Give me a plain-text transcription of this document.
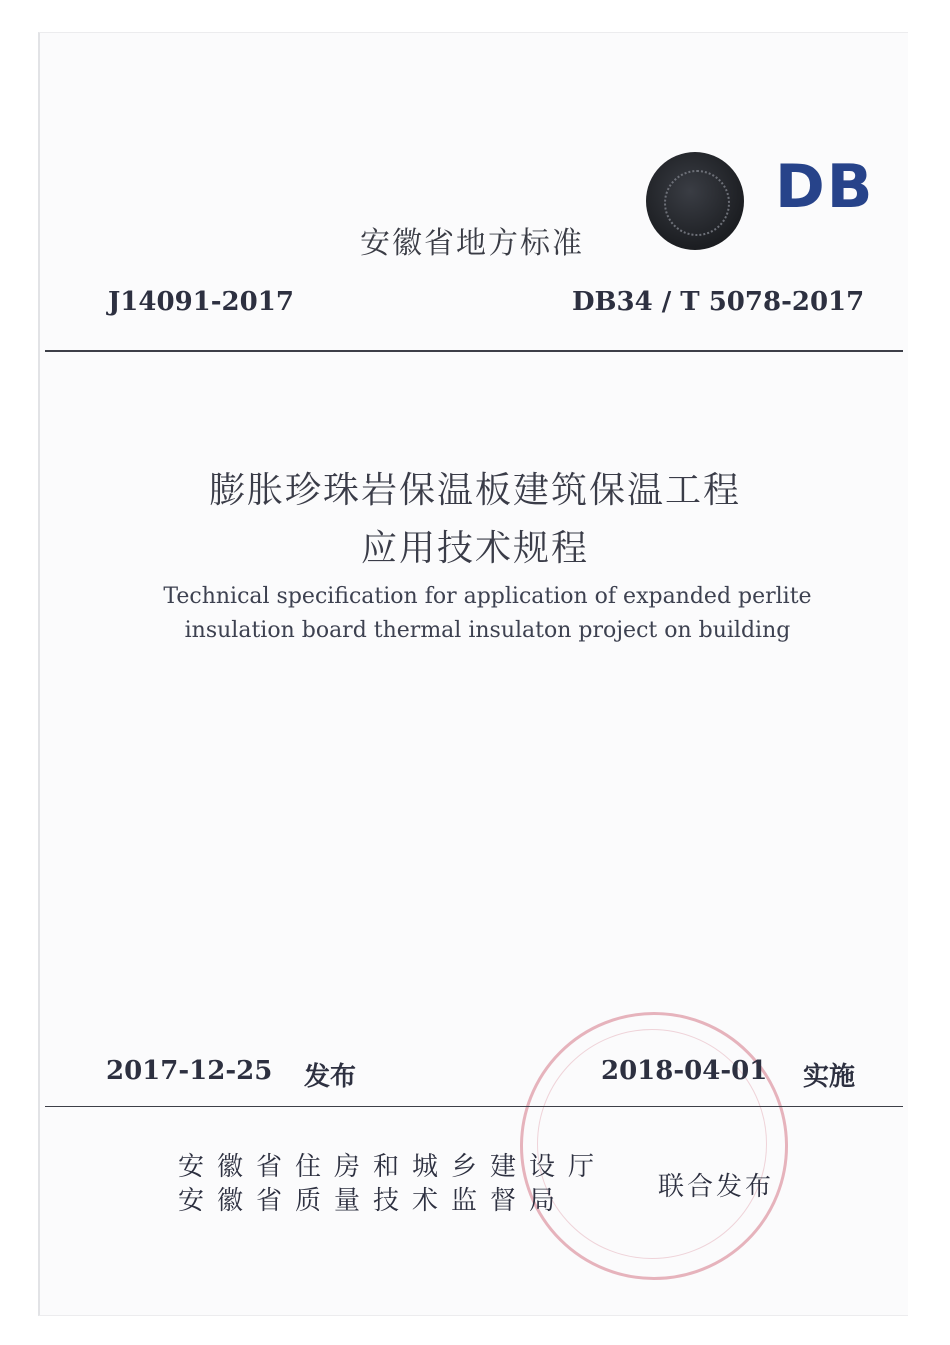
DB
安徽省地方标准
J14091-2017	DB34 / T 5078-2017
膨胀珍珠岩保温板建筑保温工程
应用技术规程
Technical specification for application of expanded perlite
insulation board thermal insulaton project on building
2017-12-25 发布	2018-04-01 实施
安徽省住房和城乡建设厅
安徽省质量技术监督局	联合发布
